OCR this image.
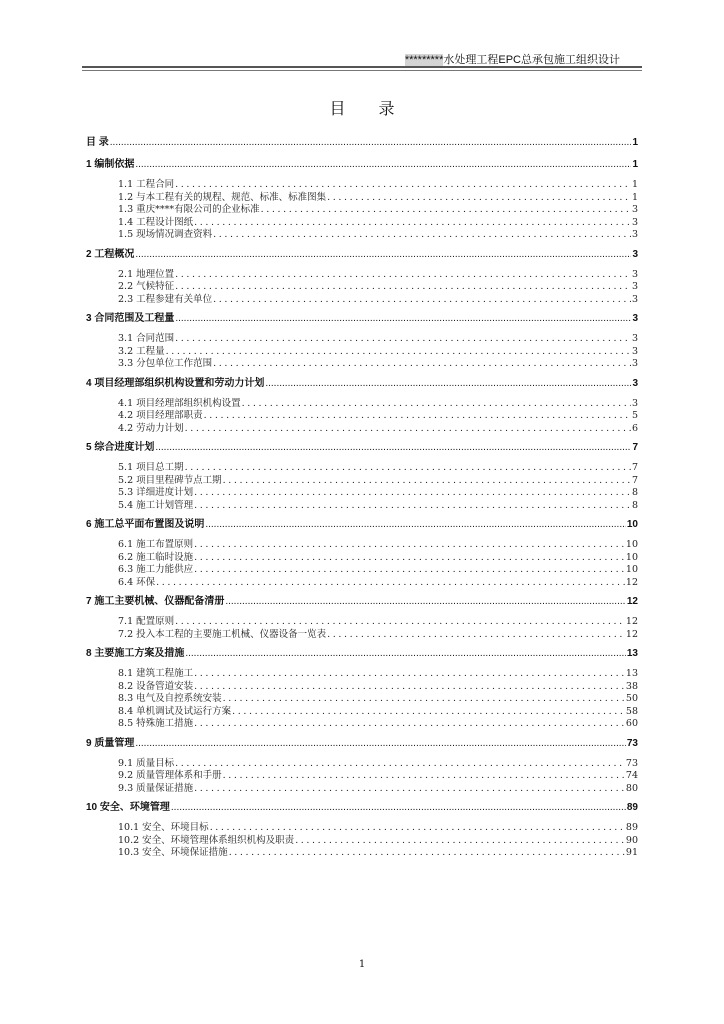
*********水处理工程EPC总承包施工组织设计
目 录
目 录 .....	1
1 编制依据 .....	1
1.1 工程合同 .....	1
1.2 与本工程有关的规程、规范、标准、标准图集 .....	1
1.3 重庆****有限公司的企业标准 .....	3
1.4 工程设计图纸 .....	3
1.5 现场情况调查资料 .....	3
2 工程概况 .....	3
2.1 地理位置 .....	3
2.2 气候特征 .....	3
2.3 工程参建有关单位 .....	3
3 合同范围及工程量 .....	3
3.1 合同范围 .....	3
3.2 工程量 .....	3
3.3 分包单位工作范围 .....	3
4 项目经理部组织机构设置和劳动力计划 .....	3
4.1 项目经理部组织机构设置 .....	3
4.2 项目经理部职责 .....	5
4.2 劳动力计划 .....	6
5 综合进度计划 .....	7
5.1 项目总工期 .....	7
5.2 项目里程碑节点工期 .....	7
5.3 详细进度计划 .....	8
5.4 施工计划管理 .....	8
6 施工总平面布置图及说明 .....	10
6.1 施工布置原则 .....	10
6.2 施工临时设施 .....	10
6.3 施工力能供应 .....	10
6.4 环保 .....	12
7 施工主要机械、仪器配备清册 .....	12
7.1 配置原则 .....	12
7.2 投入本工程的主要施工机械、仪器设备一览表 .....	12
8 主要施工方案及措施 .....	13
8.1 建筑工程施工 .....	13
8.2 设备管道安装 .....	38
8.3 电气及自控系统安装 .....	50
8.4 单机调试及试运行方案 .....	58
8.5 特殊施工措施 .....	60
9 质量管理 .....	73
9.1 质量目标 .....	73
9.2 质量管理体系和手册 .....	74
9.3 质量保证措施 .....	80
10 安全、环境管理 .....	89
10.1 安全、环境目标 .....	89
10.2 安全、环境管理体系组织机构及职责 .....	90
10.3 安全、环境保证措施 .....	91
1
